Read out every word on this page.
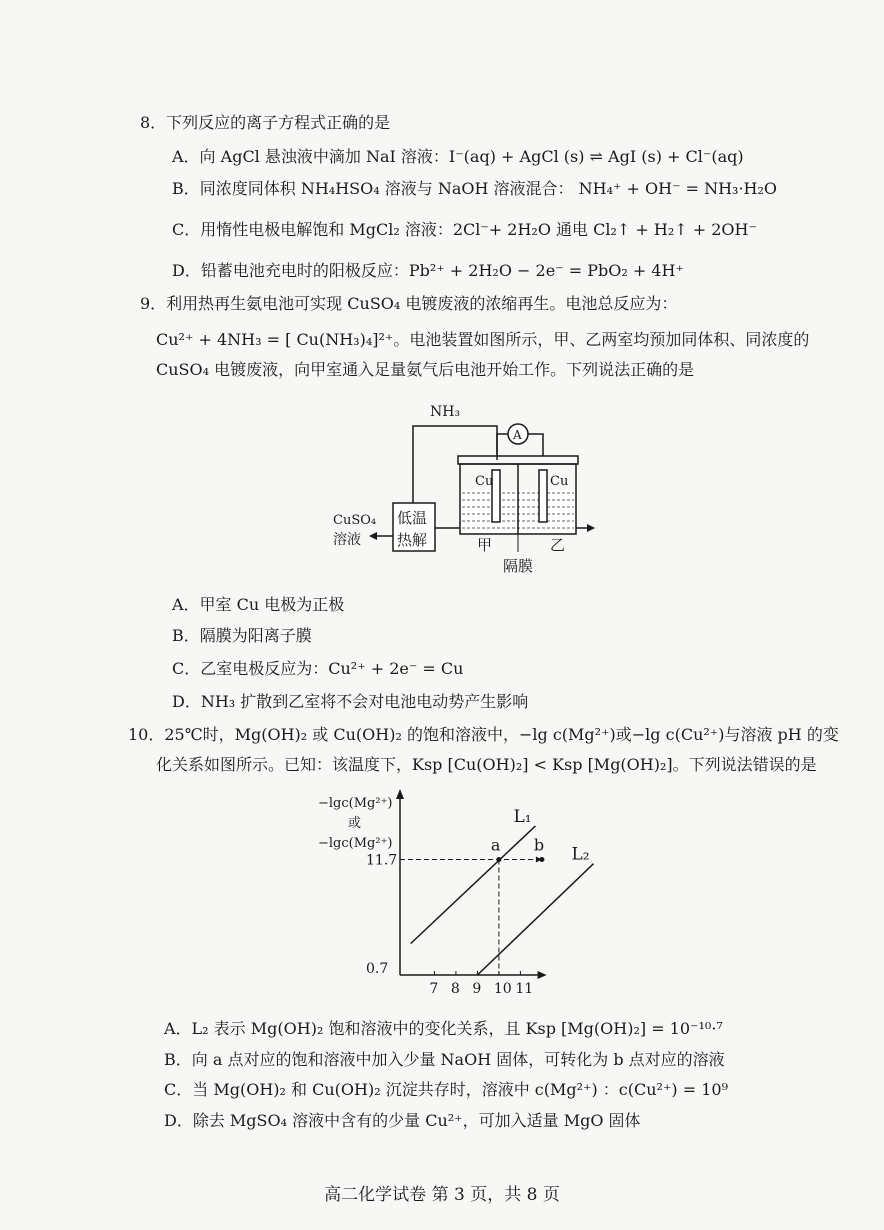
8．下列反应的离子方程式正确的是
A．向 AgCl 悬浊液中滴加 NaI 溶液：I⁻(aq) + AgCl (s) ⇌ AgI (s) + Cl⁻(aq)
B．同浓度同体积 NH₄HSO₄ 溶液与 NaOH 溶液混合： NH₄⁺ + OH⁻ = NH₃·H₂O
C．用惰性电极电解饱和 MgCl₂ 溶液：2Cl⁻+ 2H₂O 通电 Cl₂↑ + H₂↑ + 2OH⁻
D．铅蓄电池充电时的阳极反应：Pb²⁺ + 2H₂O − 2e⁻ = PbO₂ + 4H⁺
9．利用热再生氨电池可实现 CuSO₄ 电镀废液的浓缩再生。电池总反应为：
Cu²⁺ + 4NH₃ = [ Cu(NH₃)₄]²⁺。电池装置如图所示，甲、乙两室均预加同体积、同浓度的
CuSO₄ 电镀废液，向甲室通入足量氨气后电池开始工作。下列说法正确的是
NH₃
A
Cu	Cu
低温
热解
CuSO₄
溶液	甲	乙
隔膜
A．甲室 Cu 电极为正极
B．隔膜为阳离子膜
C．乙室电极反应为：Cu²⁺ + 2e⁻ = Cu
D．NH₃ 扩散到乙室将不会对电池电动势产生影响
10．25℃时，Mg(OH)₂ 或 Cu(OH)₂ 的饱和溶液中，−lg c(Mg²⁺)或−lg c(Cu²⁺)与溶液 pH 的变
化关系如图所示。已知：该温度下，Ksp [Cu(OH)₂] < Ksp [Mg(OH)₂]。下列说法错误的是
−lgc(Mg²⁺)
或
−lgc(Mg²⁺)
7 8 9 10 11
11.7
0.7
L₁
L₂
a b
A．L₂ 表示 Mg(OH)₂ 饱和溶液中的变化关系，且 Ksp [Mg(OH)₂] = 10⁻¹⁰·⁷
B．向 a 点对应的饱和溶液中加入少量 NaOH 固体，可转化为 b 点对应的溶液
C．当 Mg(OH)₂ 和 Cu(OH)₂ 沉淀共存时，溶液中 c(Mg²⁺) ：c(Cu²⁺) = 10⁹
D．除去 MgSO₄ 溶液中含有的少量 Cu²⁺，可加入适量 MgO 固体
高二化学试卷 第 3 页，共 8 页
